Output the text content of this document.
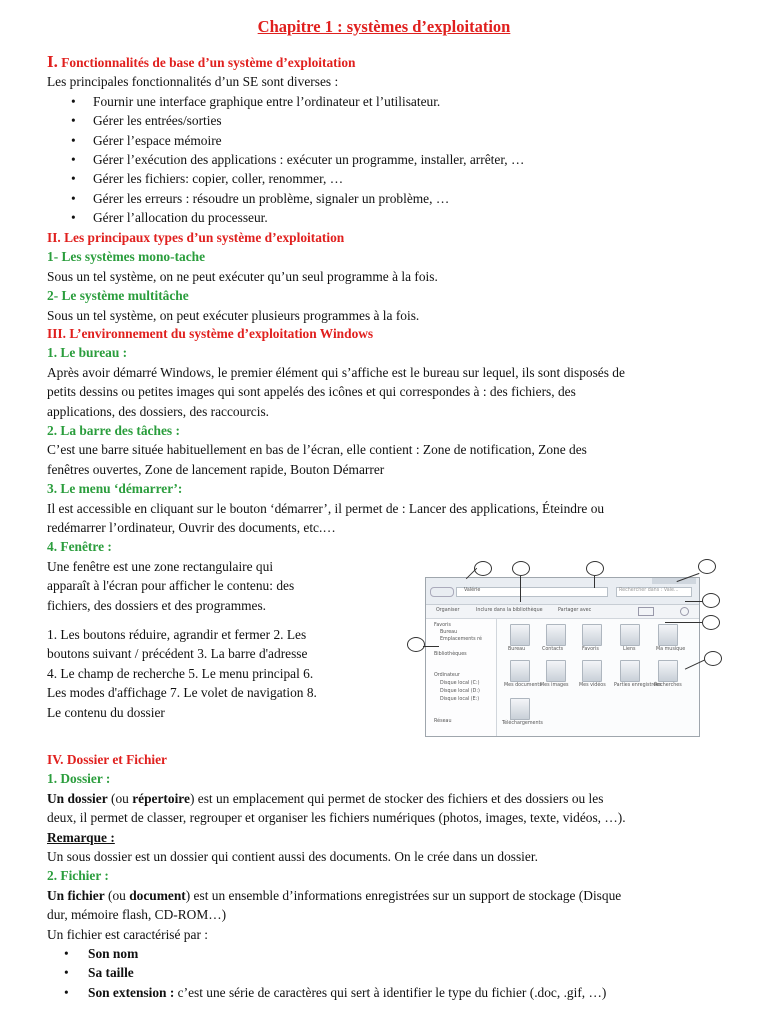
Chapitre 1 : systèmes d’exploitation

I. Fonctionnalités de base d’un système d’exploitation

Les principales fonctionnalités d’un SE sont diverses :

• Fournir une interface graphique entre l’ordinateur et l’utilisateur.
• Gérer les entrées/sorties
• Gérer l’espace mémoire
• Gérer l’exécution des applications : exécuter un programme, installer, arrêter, …
• Gérer les fichiers: copier, coller, renommer, …
• Gérer les erreurs : résoudre un problème, signaler un problème, …
• Gérer l’allocation du processeur.

II. Les principaux types d’un système d’exploitation

1- Les systèmes mono-tache

Sous un tel système, on ne peut exécuter qu’un seul programme à la fois.

2- Le système multitâche

Sous un tel système, on peut exécuter plusieurs programmes à la fois.

III. L’environnement du système d’exploitation Windows

1. Le bureau :

Après avoir démarré Windows, le premier élément qui s’affiche est le bureau sur lequel, ils sont disposés de

petits dessins ou petites images qui sont appelés des icônes et qui correspondes à : des fichiers, des

applications, des dossiers, des raccourcis.

2. La barre des tâches :

C’est une barre située habituellement en bas de l’écran, elle contient : Zone de notification, Zone des

fenêtres ouvertes, Zone de lancement rapide, Bouton Démarrer

3. Le menu ‘démarrer’:

Il est accessible en cliquant sur le bouton ‘démarrer’, il permet de : Lancer des applications, Éteindre ou

redémarrer l’ordinateur, Ouvrir des documents, etc.…

4. Fenêtre :

Une fenêtre est une zone rectangulaire qui

apparaît à l'écran pour afficher le contenu: des

fichiers, des dossiers et des programmes.

1. Les boutons réduire, agrandir et fermer 2. Les

boutons suivant / précédent 3. La barre d'adresse

4. Le champ de recherche 5. Le menu principal 6.

Les modes d'affichage 7. Le volet de navigation 8.

Le contenu du dossier

Valérie	Rechercher dans : Vale...
Organiser	Inclure dans la bibliothèque	Partager avec
Favoris
Bureau
Emplacements ré
Bibliothèques
Ordinateur
Disque local (C:)
Disque local (D:)
Disque local (E:)
Réseau
Bureau	Contacts	Favoris	Liens	Ma musique
Mes documents
Mes images Mes vidéos Parties enregistrées
Recherches
Téléchargements

IV. Dossier et Fichier

1. Dossier :

Un dossier (ou répertoire) est un emplacement qui permet de stocker des fichiers et des dossiers ou les

deux, il permet de classer, regrouper et organiser les fichiers numériques (photos, images, texte, vidéos, …).

Remarque :

Un sous dossier est un dossier qui contient aussi des documents. On le crée dans un dossier.

2. Fichier :

Un fichier (ou document) est un ensemble d’informations enregistrées sur un support de stockage (Disque

dur, mémoire flash, CD-ROM…)

Un fichier est caractérisé par :

• Son nom
• Sa taille
• Son extension : c’est une série de caractères qui sert à identifier le type du fichier (.doc, .gif, …)
